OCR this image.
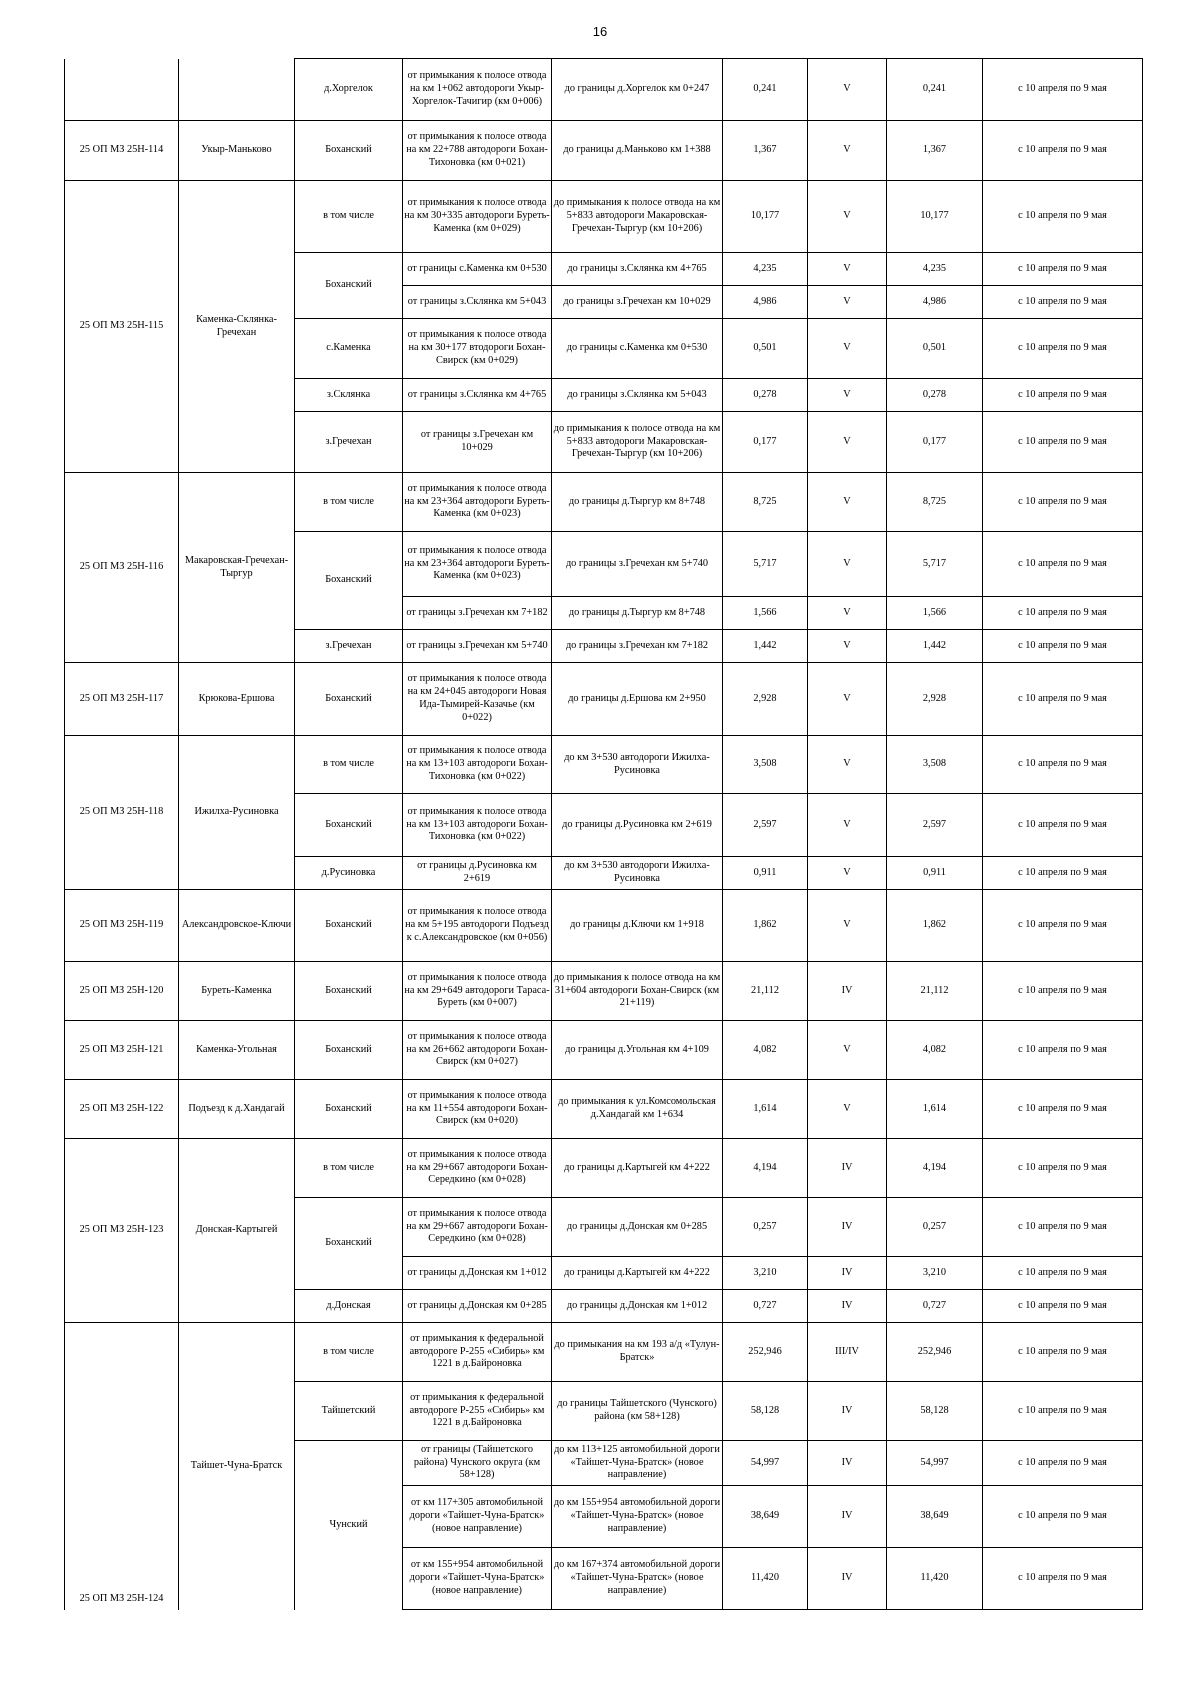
16
		д.Хоргелок	от примыкания к полосе отвода на км 1+062 автодороги Укыр-Хоргелок-Тачигир (км 0+006)	до границы д.Хоргелок км 0+247	0,241	V	0,241	с 10 апреля по 9 мая
25 ОП МЗ 25Н-114	Укыр-Маньково	Боханский	от примыкания к полосе отвода на км 22+788 автодороги Бохан-Тихоновка (км 0+021)	до границы д.Маньково км 1+388	1,367	V	1,367	с 10 апреля по 9 мая
25 ОП МЗ 25Н-115	Каменка-Склянка-Гречехан	в том числе	от примыкания к полосе отвода на км 30+335 автодороги Буреть-Каменка (км 0+029)	до примыкания к полосе отвода на км 5+833 автодороги Макаровская-Гречехан-Тыргур (км 10+206)	10,177	V	10,177	с 10 апреля по 9 мая
		Боханский	от границы с.Каменка км 0+530	до границы з.Склянка км 4+765	4,235	V	4,235	с 10 апреля по 9 мая
			от границы з.Склянка км 5+043	до границы з.Гречехан км 10+029	4,986	V	4,986	с 10 апреля по 9 мая
		с.Каменка	от примыкания к полосе отвода на км 30+177 втодороги Бохан-Свирск (км 0+029)	до границы с.Каменка км 0+530	0,501	V	0,501	с 10 апреля по 9 мая
		з.Склянка	от границы з.Склянка км 4+765	до границы з.Склянка км 5+043	0,278	V	0,278	с 10 апреля по 9 мая
		з.Гречехан	от границы з.Гречехан км 10+029	до примыкания к полосе отвода на км 5+833 автодороги Макаровская-Гречехан-Тыргур (км 10+206)	0,177	V	0,177	с 10 апреля по 9 мая
25 ОП МЗ 25Н-116	Макаровская-Гречехан-Тыргур	в том числе	от примыкания к полосе отвода на км 23+364 автодороги Буреть-Каменка (км 0+023)	до границы д.Тыргур км 8+748	8,725	V	8,725	с 10 апреля по 9 мая
		Боханский	от примыкания к полосе отвода на км 23+364 автодороги Буреть-Каменка (км 0+023)	до границы з.Гречехан км 5+740	5,717	V	5,717	с 10 апреля по 9 мая
			от границы з.Гречехан км 7+182	до границы д.Тыргур км 8+748	1,566	V	1,566	с 10 апреля по 9 мая
		з.Гречехан	от границы з.Гречехан км 5+740	до границы з.Гречехан км 7+182	1,442	V	1,442	с 10 апреля по 9 мая
25 ОП МЗ 25Н-117	Крюкова-Ершова	Боханский	от примыкания к полосе отвода на км 24+045 автодороги Новая Ида-Тымирей-Казачье (км 0+022)	до границы д.Ершова км 2+950	2,928	V	2,928	с 10 апреля по 9 мая
25 ОП МЗ 25Н-118	Ижилха-Русиновка	в том числе	от примыкания к полосе отвода на км 13+103 автодороги Бохан-Тихоновка (км 0+022)	до км 3+530 автодороги Ижилха-Русиновка	3,508	V	3,508	с 10 апреля по 9 мая
		Боханский	от примыкания к полосе отвода на км 13+103 автодороги Бохан-Тихоновка (км 0+022)	до границы д.Русиновка км 2+619	2,597	V	2,597	с 10 апреля по 9 мая
		д.Русиновка	от границы д.Русиновка км 2+619	до км 3+530 автодороги Ижилха-Русиновка	0,911	V	0,911	с 10 апреля по 9 мая
25 ОП МЗ 25Н-119	Александровское-Ключи	Боханский	от примыкания к полосе отвода на км 5+195 автодороги Подъезд к с.Александровское (км 0+056)	до границы д.Ключи км 1+918	1,862	V	1,862	с 10 апреля по 9 мая
25 ОП МЗ 25Н-120	Буреть-Каменка	Боханский	от примыкания к полосе отвода на км 29+649 автодороги Тараса-Буреть (км 0+007)	до примыкания к полосе отвода на км 31+604 автодороги Бохан-Свирск (км 21+119)	21,112	IV	21,112	с 10 апреля по 9 мая
25 ОП МЗ 25Н-121	Каменка-Угольная	Боханский	от примыкания к полосе отвода на км 26+662 автодороги Бохан-Свирск (км 0+027)	до границы д.Угольная км 4+109	4,082	V	4,082	с 10 апреля по 9 мая
25 ОП МЗ 25Н-122	Подъезд к д.Хандагай	Боханский	от примыкания к полосе отвода на км 11+554 автодороги Бохан-Свирск (км 0+020)	до примыкания к ул.Комсомольская д.Хандагай км 1+634	1,614	V	1,614	с 10 апреля по 9 мая
25 ОП МЗ 25Н-123	Донская-Картыгей	в том числе	от примыкания к полосе отвода на км 29+667 автодороги Бохан-Середкино (км 0+028)	до границы д.Картыгей км 4+222	4,194	IV	4,194	с 10 апреля по 9 мая
		Боханский	от примыкания к полосе отвода на км 29+667 автодороги Бохан-Середкино (км 0+028)	до границы д.Донская км 0+285	0,257	IV	0,257	с 10 апреля по 9 мая
			от границы д.Донская км 1+012	до границы д.Картыгей км 4+222	3,210	IV	3,210	с 10 апреля по 9 мая
		д.Донская	от границы д.Донская км 0+285	до границы д.Донская км 1+012	0,727	IV	0,727	с 10 апреля по 9 мая
25 ОП МЗ 25Н-124	Тайшет-Чуна-Братск	в том числе	от примыкания к федеральной автодороге Р-255 «Сибирь» км 1221 в д.Байроновка	до примыкания на км 193 а/д «Тулун-Братск»	252,946	III/IV	252,946	с 10 апреля по 9 мая
		Тайшетский	от примыкания к федеральной автодороге Р-255 «Сибирь» км 1221 в д.Байроновка	до границы Тайшетского (Чунского) района (км 58+128)	58,128	IV	58,128	с 10 апреля по 9 мая
		Чунский	от границы (Тайшетского района) Чунского округа (км 58+128)	до км 113+125 автомобильной дороги «Тайшет-Чуна-Братск» (новое направление)	54,997	IV	54,997	с 10 апреля по 9 мая
			от км 117+305 автомобильной дороги «Тайшет-Чуна-Братск» (новое направление)	до км 155+954 автомобильной дороги «Тайшет-Чуна-Братск» (новое направление)	38,649	IV	38,649	с 10 апреля по 9 мая
			от км 155+954 автомобильной дороги «Тайшет-Чуна-Братск» (новое направление)	до км 167+374 автомобильной дороги «Тайшет-Чуна-Братск» (новое направление)	11,420	IV	11,420	с 10 апреля по 9 мая
